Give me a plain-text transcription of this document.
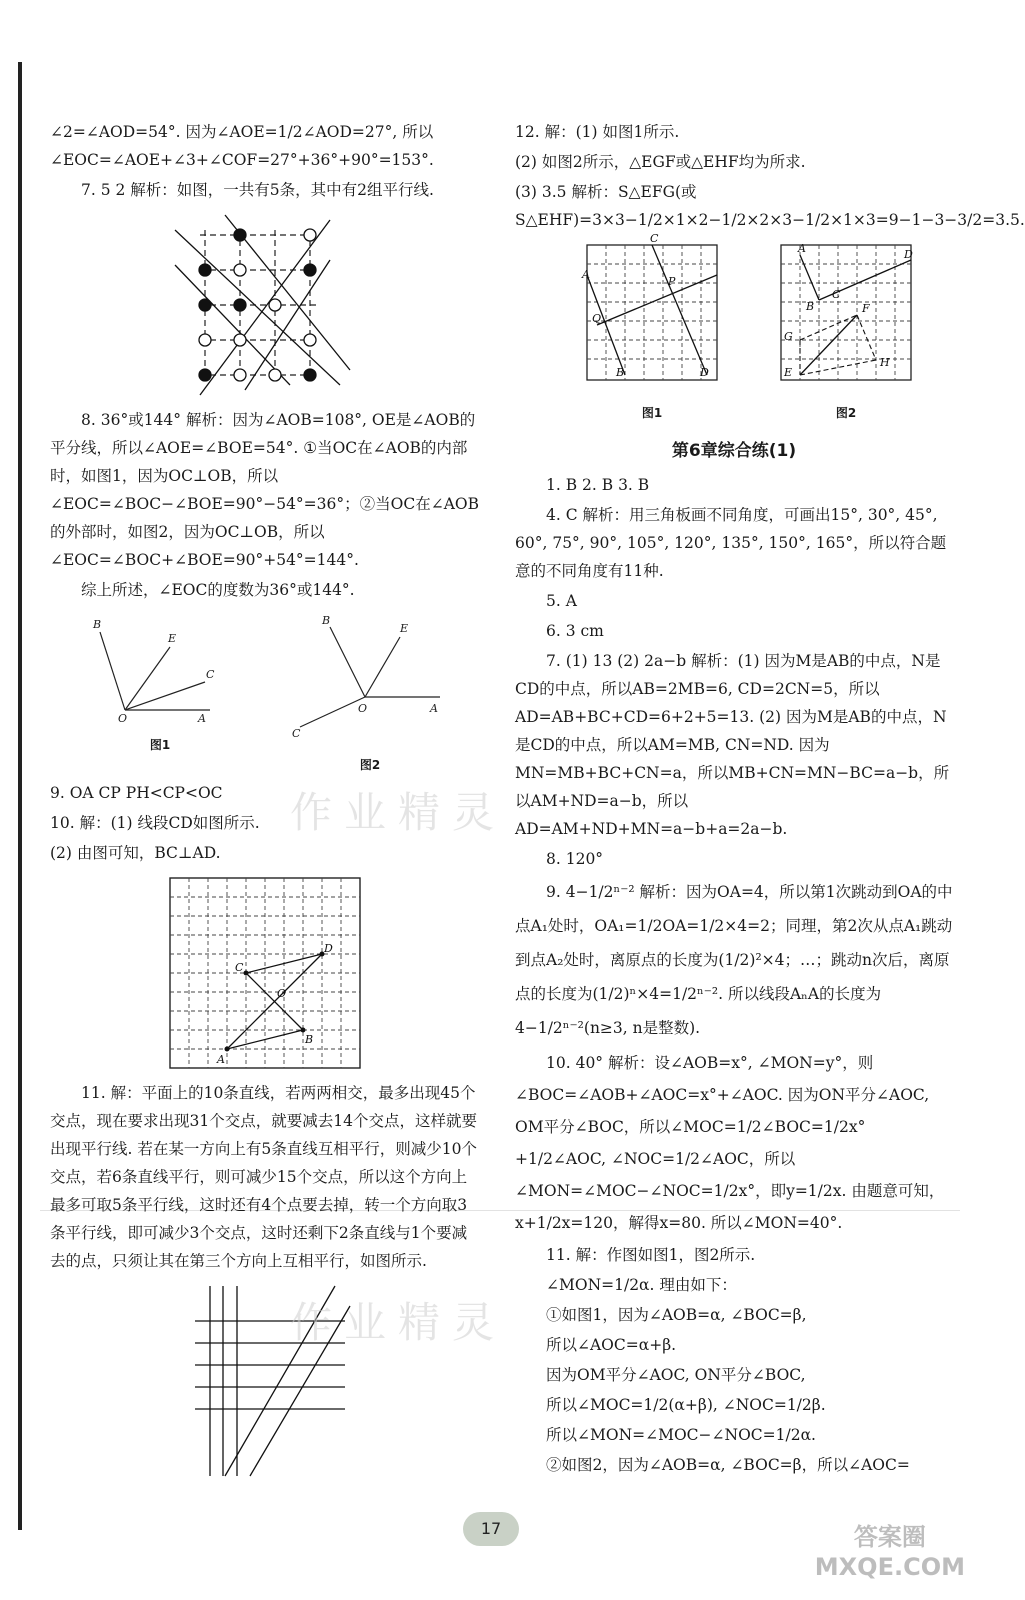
∠2=∠AOD=54°. 因为∠AOE=1/2∠AOD=27°, 所以∠EOC=∠AOE+∠3+∠COF=27°+36°+90°=153°.

7. 5 2 解析：如图，一共有5条，其中有2组平行线.

8. 36°或144° 解析：因为∠AOB=108°, OE是∠AOB的平分线，所以∠AOE=∠BOE=54°. ①当OC在∠AOB的内部时，如图1，因为OC⊥OB，所以∠EOC=∠BOC−∠BOE=90°−54°=36°；②当OC在∠AOB的外部时，如图2，因为OC⊥OB，所以∠EOC=∠BOC+∠BOE=90°+54°=144°.

综上所述，∠EOC的度数为36°或144°.

B
E
C
O	A
图1
B
E
O	A
C
图2

9. OA CP PH<CP<OC

10. 解：(1) 线段CD如图所示.

(2) 由图可知，BC⊥AD.

A
B
C
D
O

11. 解：平面上的10条直线，若两两相交，最多出现45个交点，现在要求出现31个交点，就要减去14个交点，这样就要出现平行线. 若在某一方向上有5条直线互相平行，则减少10个交点，若6条直线平行，则可减少15个交点，所以这个方向上最多可取5条平行线，这时还有4个点要去掉，转一个方向取3条平行线，即可减少3个交点，这时还剩下2条直线与1个要减去的点，只须让其在第三个方向上互相平行，如图所示.

12. 解：(1) 如图1所示.

(2) 如图2所示，△EGF或△EHF均为所求.

(3) 3.5 解析：S△EFG(或S△EHF)=3×3−1/2×1×2−1/2×2×3−1/2×1×3=9−1−3−3/2=3.5.

A
C
P
Q
B	D
图1
A	D
C
B	F
G
H
E
图2
第6章综合练(1)

1. B 2. B 3. B

4. C 解析：用三角板画不同角度，可画出15°, 30°, 45°, 60°, 75°, 90°, 105°, 120°, 135°, 150°, 165°，所以符合题意的不同角度有11种.

5. A

6. 3 cm

7. (1) 13 (2) 2a−b 解析：(1) 因为M是AB的中点，N是CD的中点，所以AB=2MB=6, CD=2CN=5，所以AD=AB+BC+CD=6+2+5=13. (2) 因为M是AB的中点，N是CD的中点，所以AM=MB, CN=ND. 因为MN=MB+BC+CN=a，所以MB+CN=MN−BC=a−b，所以AM+ND=a−b，所以AD=AM+ND+MN=a−b+a=2a−b.

8. 120°

9. 4−1/2ⁿ⁻² 解析：因为OA=4，所以第1次跳动到OA的中点A₁处时，OA₁=1/2OA=1/2×4=2；同理，第2次从点A₁跳动到点A₂处时，离原点的长度为(1/2)²×4；…；跳动n次后，离原点的长度为(1/2)ⁿ×4=1/2ⁿ⁻². 所以线段AₙA的长度为4−1/2ⁿ⁻²(n≥3, n是整数).

10. 40° 解析：设∠AOB=x°, ∠MON=y°，则∠BOC=∠AOB+∠AOC=x°+∠AOC. 因为ON平分∠AOC, OM平分∠BOC，所以∠MOC=1/2∠BOC=1/2x°+1/2∠AOC, ∠NOC=1/2∠AOC，所以∠MON=∠MOC−∠NOC=1/2x°，即y=1/2x. 由题意可知，x+1/2x=120，解得x=80. 所以∠MON=40°.

11. 解：作图如图1，图2所示.

∠MON=1/2α. 理由如下：

①如图1，因为∠AOB=α, ∠BOC=β,

所以∠AOC=α+β.

因为OM平分∠AOC, ON平分∠BOC,

所以∠MOC=1/2(α+β), ∠NOC=1/2β.

所以∠MON=∠MOC−∠NOC=1/2α.

②如图2，因为∠AOB=α, ∠BOC=β，所以∠AOC=

作业精灵
作业精灵
17	答案圈
MXQE.COM
